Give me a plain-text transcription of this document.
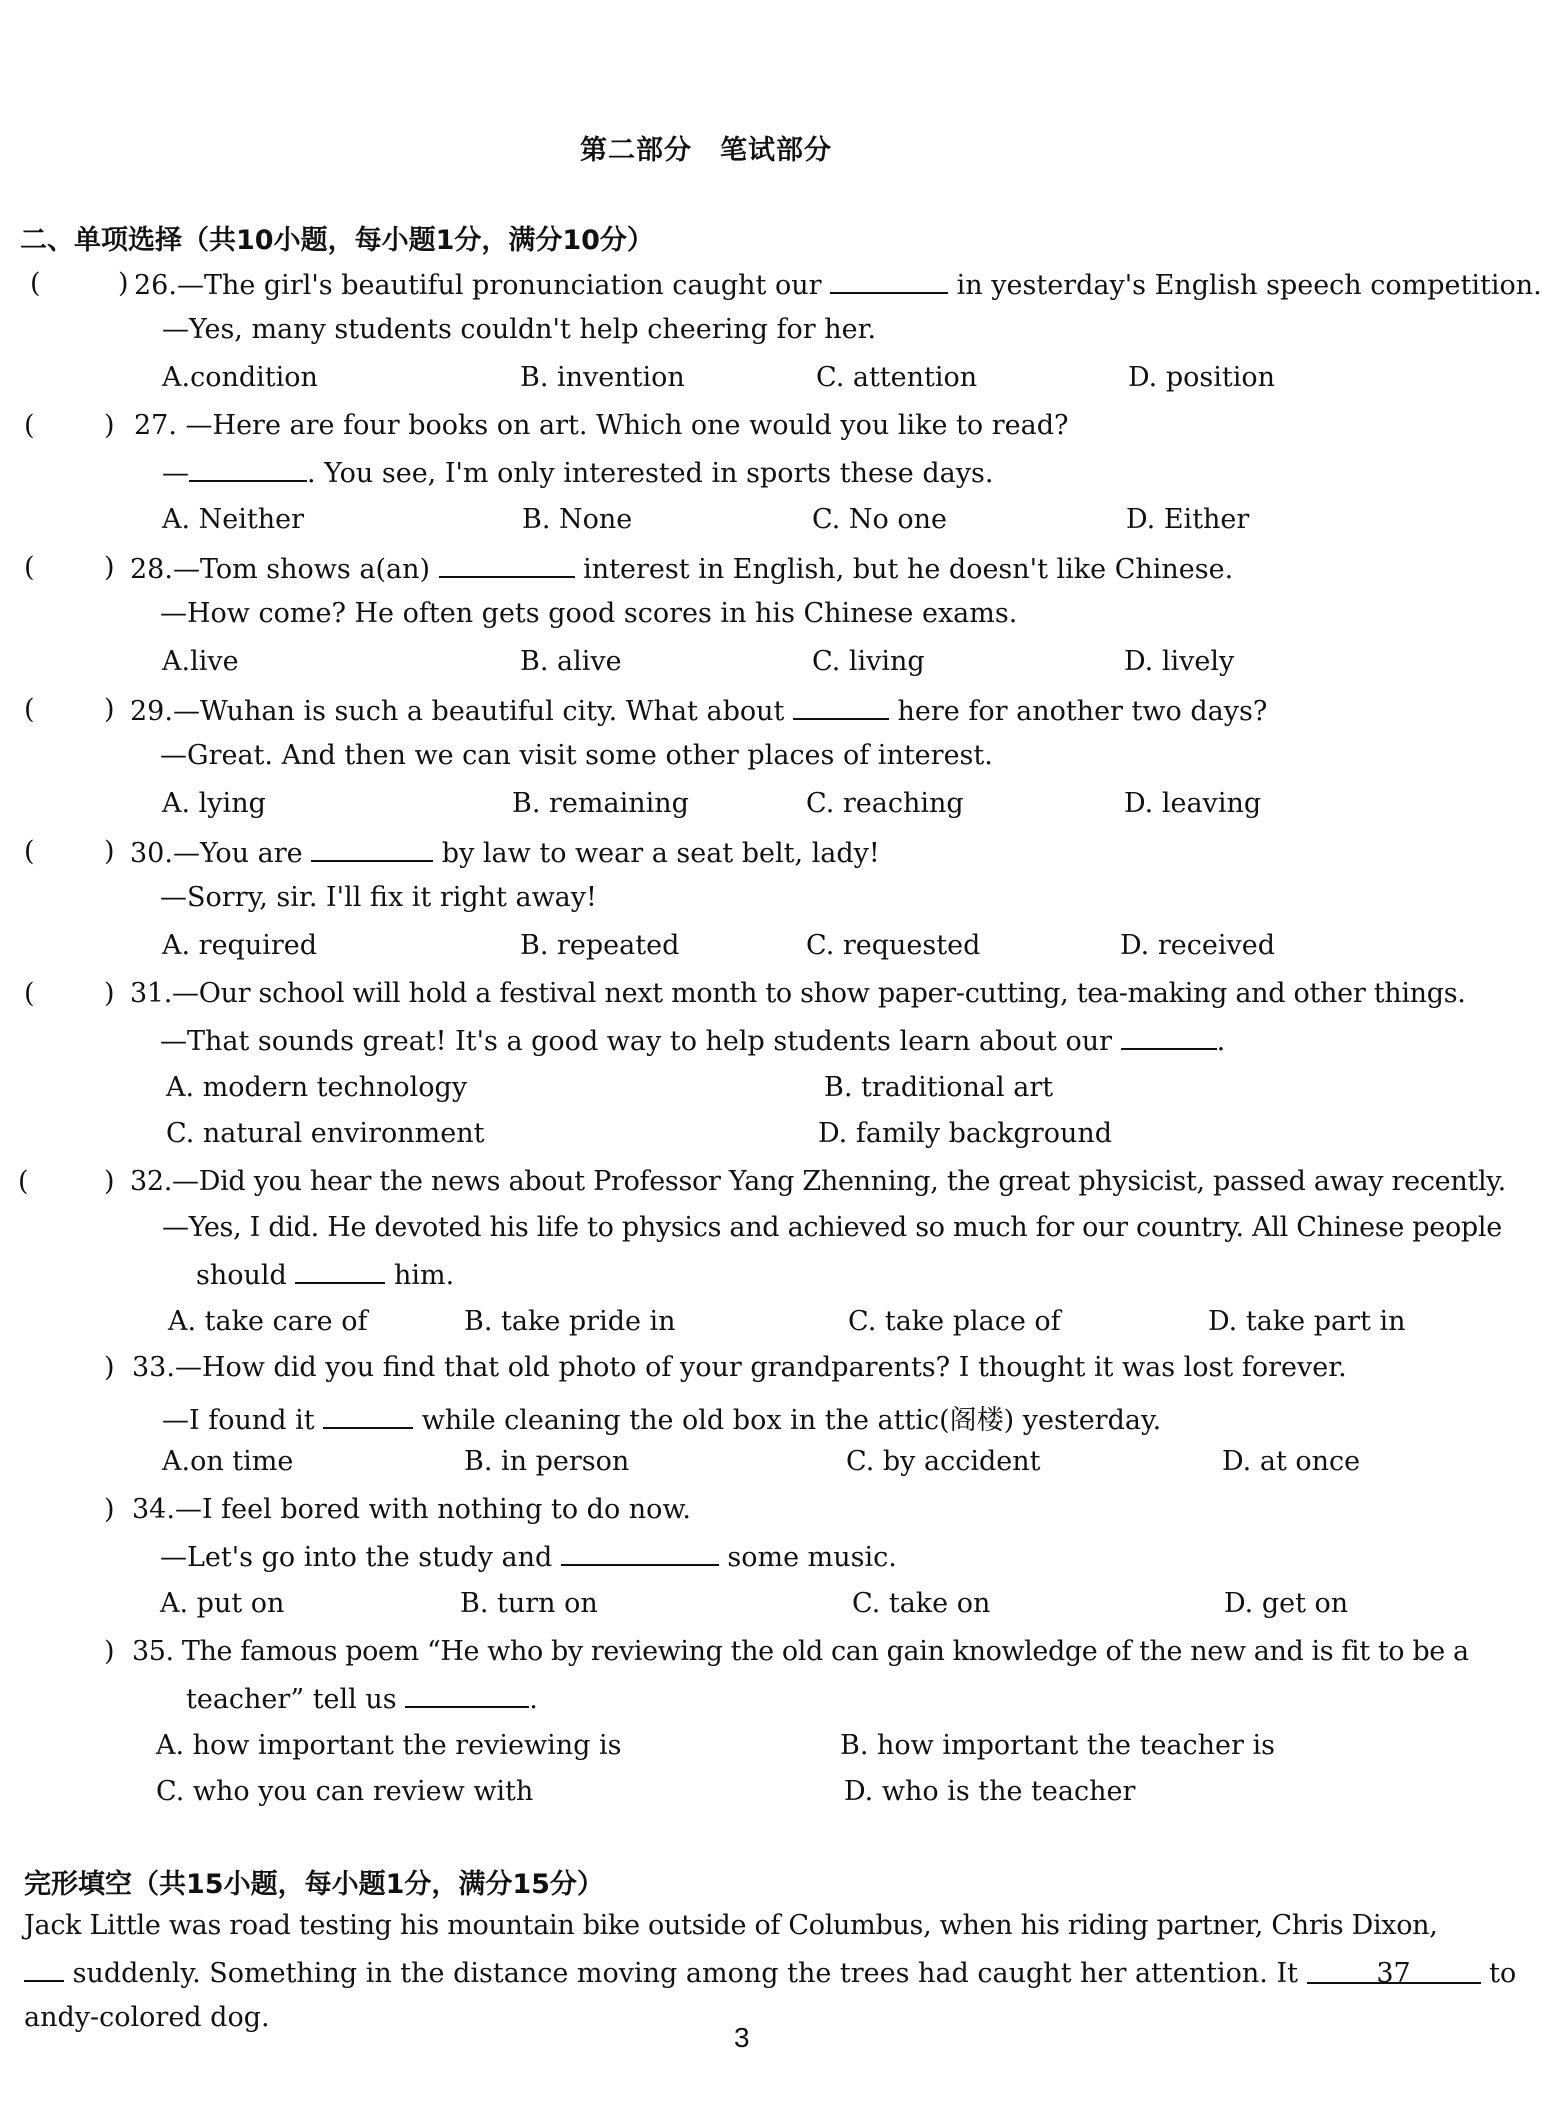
第二部分　笔试部分
二、单项选择（共10小题，每小题1分，满分10分）
(	) 26.—The girl's beautiful pronunciation caught our	in yesterday's English speech competition.
—Yes, many students couldn't help cheering for her.
A.condition	B. invention	C. attention	D. position
(	) 27. —Here are four books on art. Which one would you like to read?
—	. You see, I'm only interested in sports these days.
A. Neither	B. None	C. No one	D. Either
(	) 28.—Tom shows a(an)	interest in English, but he doesn't like Chinese.
—How come? He often gets good scores in his Chinese exams.
A.live	B. alive	C. living	D. lively
(	) 29.—Wuhan is such a beautiful city. What about	here for another two days?
—Great. And then we can visit some other places of interest.
A. lying	B. remaining	C. reaching	D. leaving
(	) 30.—You are	by law to wear a seat belt, lady!
—Sorry, sir. I'll fix it right away!
A. required	B. repeated	C. requested	D. received
(	) 31.—Our school will hold a festival next month to show paper-cutting, tea-making and other things.
—That sounds great! It's a good way to help students learn about our	.
A. modern technology	B. traditional art
C. natural environment	D. family background
(	) 32.—Did you hear the news about Professor Yang Zhenning, the great physicist, passed away recently.
—Yes, I did. He devoted his life to physics and achieved so much for our country. All Chinese people
should	him.
A. take care of	B. take pride in	C. take place of	D. take part in
) 33.—How did you find that old photo of your grandparents? I thought it was lost forever.
—I found it	while cleaning the old box in the attic(阁楼) yesterday.
A.on time	B. in person	C. by accident	D. at once
) 34.—I feel bored with nothing to do now.
—Let's go into the study and	some music.
A. put on	B. turn on	C. take on	D. get on
) 35. The famous poem “He who by reviewing the old can gain knowledge of the new and is fit to be a
teacher” tell us	.
A. how important the reviewing is	B. how important the teacher is
C. who you can review with	D. who is the teacher
完形填空（共15小题，每小题1分，满分15分）
Jack Little was road testing his mountain bike outside of Columbus, when his riding partner, Chris Dixon,
suddenly. Something in the distance moving among the trees had caught her attention. It	37	to
andy-colored dog.
3
